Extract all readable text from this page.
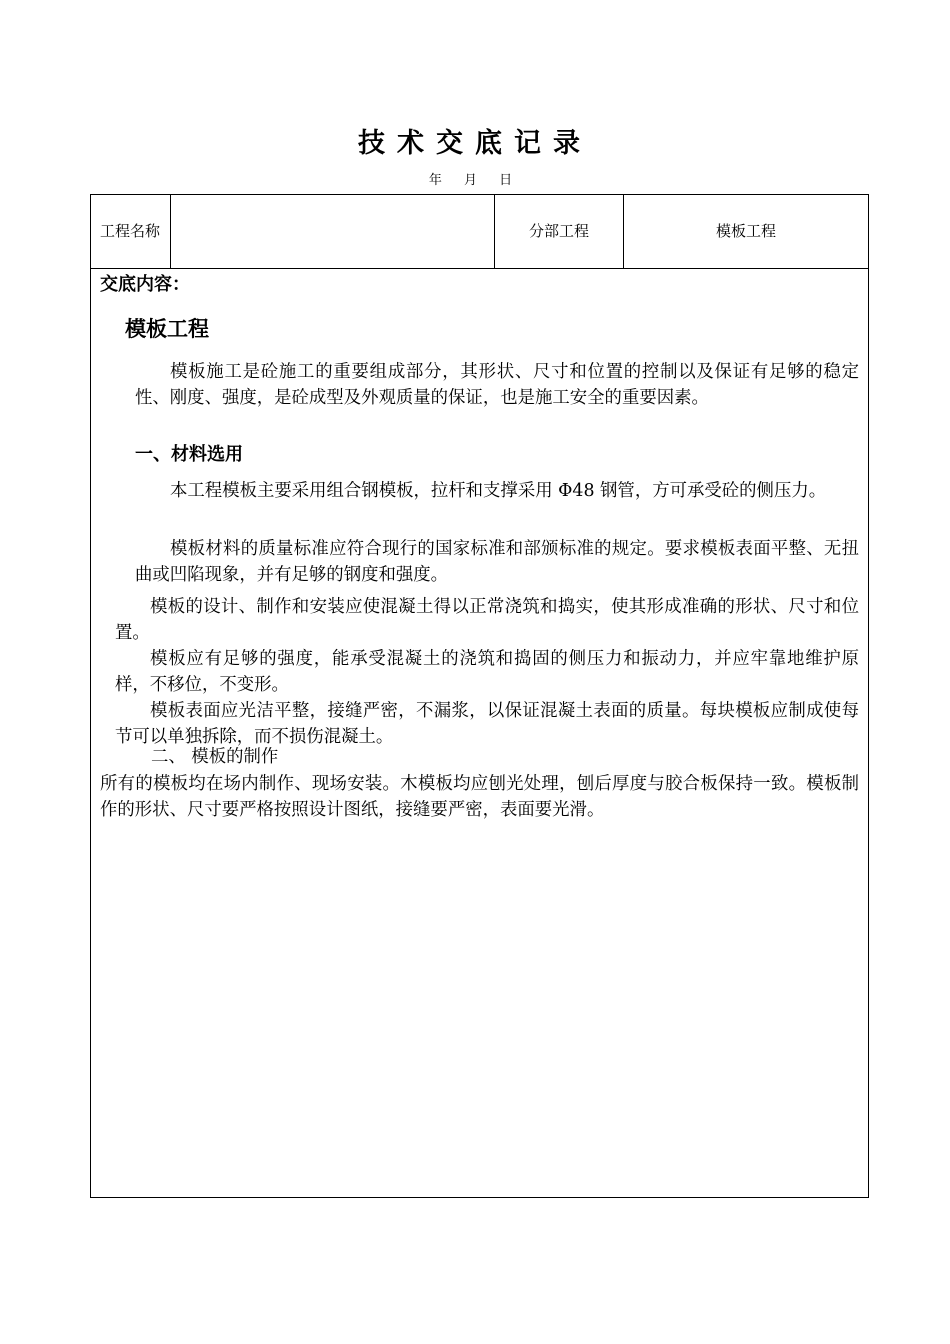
技术交底记录
年 月 日
工程名称	分部工程	模板工程
交底内容：
模板工程

模板施工是砼施工的重要组成部分，其形状、尺寸和位置的控制以及保证有足够的稳定性、刚度、强度，是砼成型及外观质量的保证，也是施工安全的重要因素。

一、材料选用

本工程模板主要采用组合钢模板，拉杆和支撑采用 Φ48 钢管，方可承受砼的侧压力。

模板材料的质量标准应符合现行的国家标准和部颁标准的规定。要求模板表面平整、无扭曲或凹陷现象，并有足够的钢度和强度。

模板的设计、制作和安装应使混凝土得以正常浇筑和捣实，使其形成准确的形状、尺寸和位置。

模板应有足够的强度，能承受混凝土的浇筑和捣固的侧压力和振动力，并应牢靠地维护原样，不移位，不变形。

模板表面应光洁平整，接缝严密，不漏浆，以保证混凝土表面的质量。每块模板应制成使每节可以单独拆除，而不损伤混凝土。

二、 模板的制作

所有的模板均在场内制作、现场安装。木模板均应刨光处理，刨后厚度与胶合板保持一致。模板制作的形状、尺寸要严格按照设计图纸，接缝要严密，表面要光滑。
